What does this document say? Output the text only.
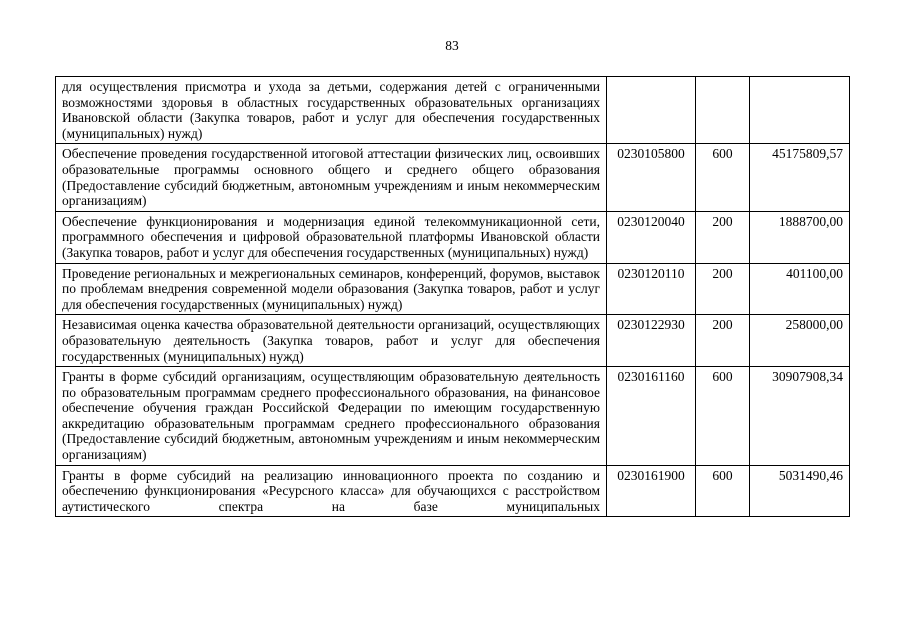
83
для осуществления присмотра и ухода за детьми, содержания детей с ограниченными возможностями здоровья в областных государственных образовательных организациях Ивановской области (Закупка товаров, работ и услуг для обеспечения государственных (муниципальных) нужд)			
Обеспечение проведения государственной итоговой аттестации физических лиц, освоивших образовательные программы основного общего и среднего общего образования (Предоставление субсидий бюджетным, автономным учреждениям и иным некоммерческим организациям)	0230105800	600	45175809,57
Обеспечение функционирования и модернизация единой телекоммуникационной сети, программного обеспечения и цифровой образовательной платформы Ивановской области (Закупка товаров, работ и услуг для обеспечения государственных (муниципальных) нужд)	0230120040	200	1888700,00
Проведение региональных и межрегиональных семинаров, конференций, форумов, выставок по проблемам внедрения современной модели образования (Закупка товаров, работ и услуг для обеспечения государственных (муниципальных) нужд)	0230120110	200	401100,00
Независимая оценка качества образовательной деятельности организаций, осуществляющих образовательную деятельность (Закупка товаров, работ и услуг для обеспечения государственных (муниципальных) нужд)	0230122930	200	258000,00
Гранты в форме субсидий организациям, осуществляющим образовательную деятельность по образовательным программам среднего профессионального образования, на финансовое обеспечение обучения граждан Российской Федерации по имеющим государственную аккредитацию образовательным программам среднего профессионального образования (Предоставление субсидий бюджетным, автономным учреждениям и иным некоммерческим организациям)	0230161160	600	30907908,34
Гранты в форме субсидий на реализацию инновационного проекта по созданию и обеспечению функционирования «Ресурсного класса» для обучающихся с расстройством аутистического спектра на базе муниципальных	0230161900	600	5031490,46
